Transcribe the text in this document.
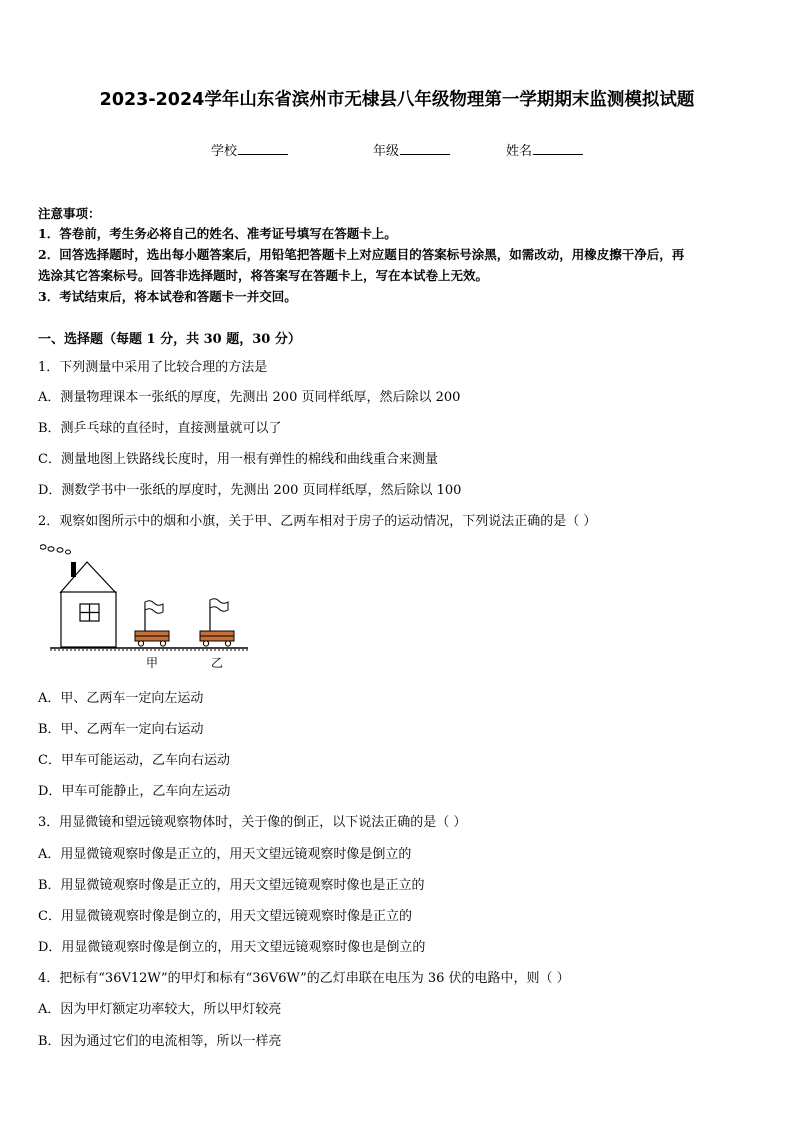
2023-2024学年山东省滨州市无棣县八年级物理第一学期期末监测模拟试题
学校	年级	姓名
注意事项：
1．答卷前，考生务必将自己的姓名、准考证号填写在答题卡上。
2．回答选择题时，选出每小题答案后，用铅笔把答题卡上对应题目的答案标号涂黑，如需改动，用橡皮擦干净后，再
选涂其它答案标号。回答非选择题时，将答案写在答题卡上，写在本试卷上无效。
3．考试结束后，将本试卷和答题卡一并交回。
一、选择题（每题 1 分，共 30 题，30 分）
1．下列测量中采用了比较合理的方法是
A．测量物理课本一张纸的厚度，先测出 200 页同样纸厚，然后除以 200
B．测乒乓球的直径时，直接测量就可以了
C．测量地图上铁路线长度时，用一根有弹性的棉线和曲线重合来测量
D．测数学书中一张纸的厚度时，先测出 200 页同样纸厚，然后除以 100
2．观察如图所示中的烟和小旗，关于甲、乙两车相对于房子的运动情况，下列说法正确的是（ ）
甲	乙
A．甲、乙两车一定向左运动
B．甲、乙两车一定向右运动
C．甲车可能运动，乙车向右运动
D．甲车可能静止，乙车向左运动
3．用显微镜和望远镜观察物体时，关于像的倒正，以下说法正确的是（ ）
A．用显微镜观察时像是正立的，用天文望远镜观察时像是倒立的
B．用显微镜观察时像是正立的，用天文望远镜观察时像也是正立的
C．用显微镜观察时像是倒立的，用天文望远镜观察时像是正立的
D．用显微镜观察时像是倒立的，用天文望远镜观察时像也是倒立的
4．把标有“36V12W”的甲灯和标有“36V6W”的乙灯串联在电压为 36 伏的电路中，则（ ）
A．因为甲灯额定功率较大，所以甲灯较亮
B．因为通过它们的电流相等，所以一样亮
